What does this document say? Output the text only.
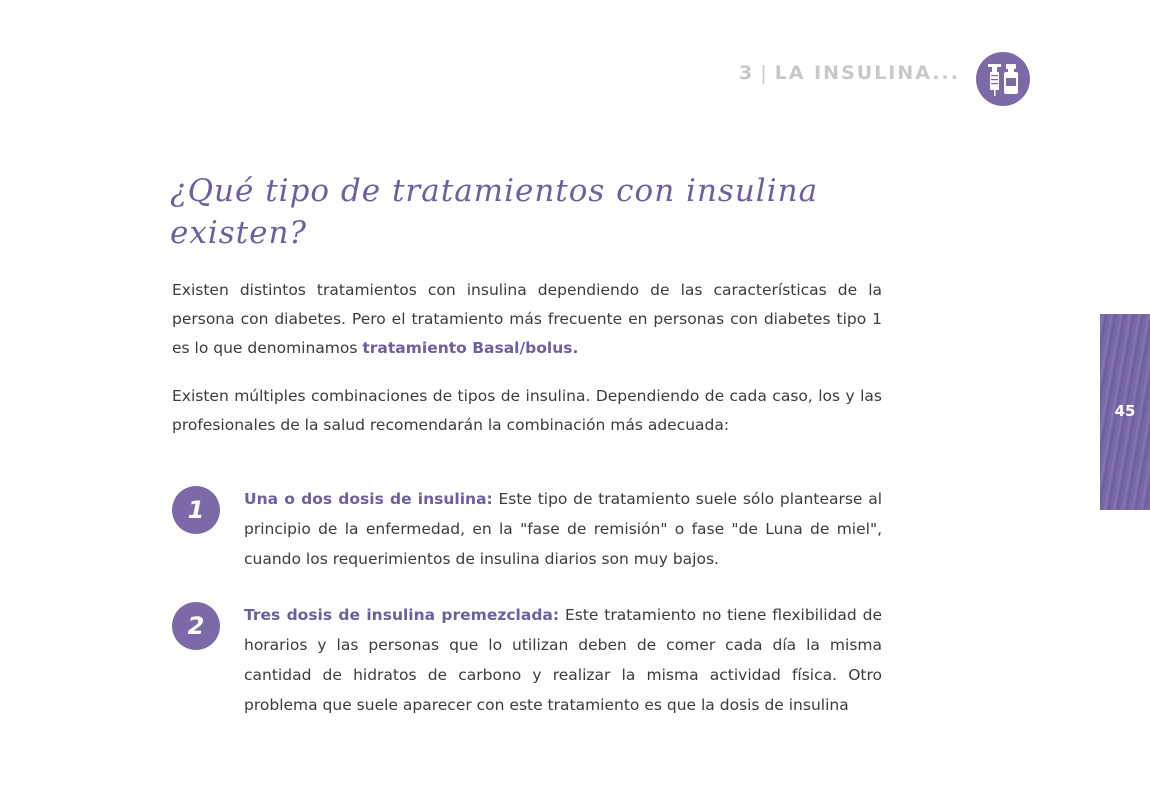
3 | LA INSULINA...
¿Qué tipo de tratamientos con insulina existen?

Existen distintos tratamientos con insulina dependiendo de las características de la persona con diabetes. Pero el tratamiento más frecuente en personas con diabetes tipo 1 es lo que denominamos tratamiento Basal/bolus.

Existen múltiples combinaciones de tipos de insulina. Dependiendo de cada caso, los y las profesionales de la salud recomendarán la combinación más adecuada:

1	Una o dos dosis de insulina: Este tipo de tratamiento suele sólo plantearse al principio de la enfermedad, en la "fase de remisión" o fase "de Luna de miel", cuando los requerimientos de insulina diarios son muy bajos.

2	Tres dosis de insulina premezclada: Este tratamiento no tiene flexibilidad de horarios y las personas que lo utilizan deben de comer cada día la misma cantidad de hidratos de carbono y realizar la misma actividad física. Otro problema que suele aparecer con este tratamiento es que la dosis de insulina

45
